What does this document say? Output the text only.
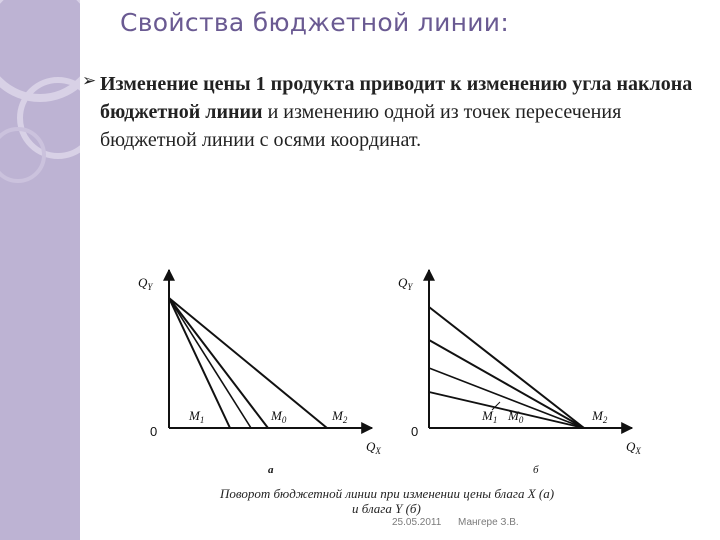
Свойства бюджетной линии:
➢ Изменение цены 1 продукта приводит к изменению угла наклона бюджетной линии и изменению одной из точек пересечения бюджетной линии с осями координат.
$Q_Y$
$Q_X$
0
$M_1$	$M_0$	$M_2$
а
$Q_Y$
$Q_X$
0
$M_1$ $M_0$	$M_2$
б
Поворот бюджетной линии при изменении цены блага X (а)
и блага Y (б)
25.05.2011 Мангере З.В.
